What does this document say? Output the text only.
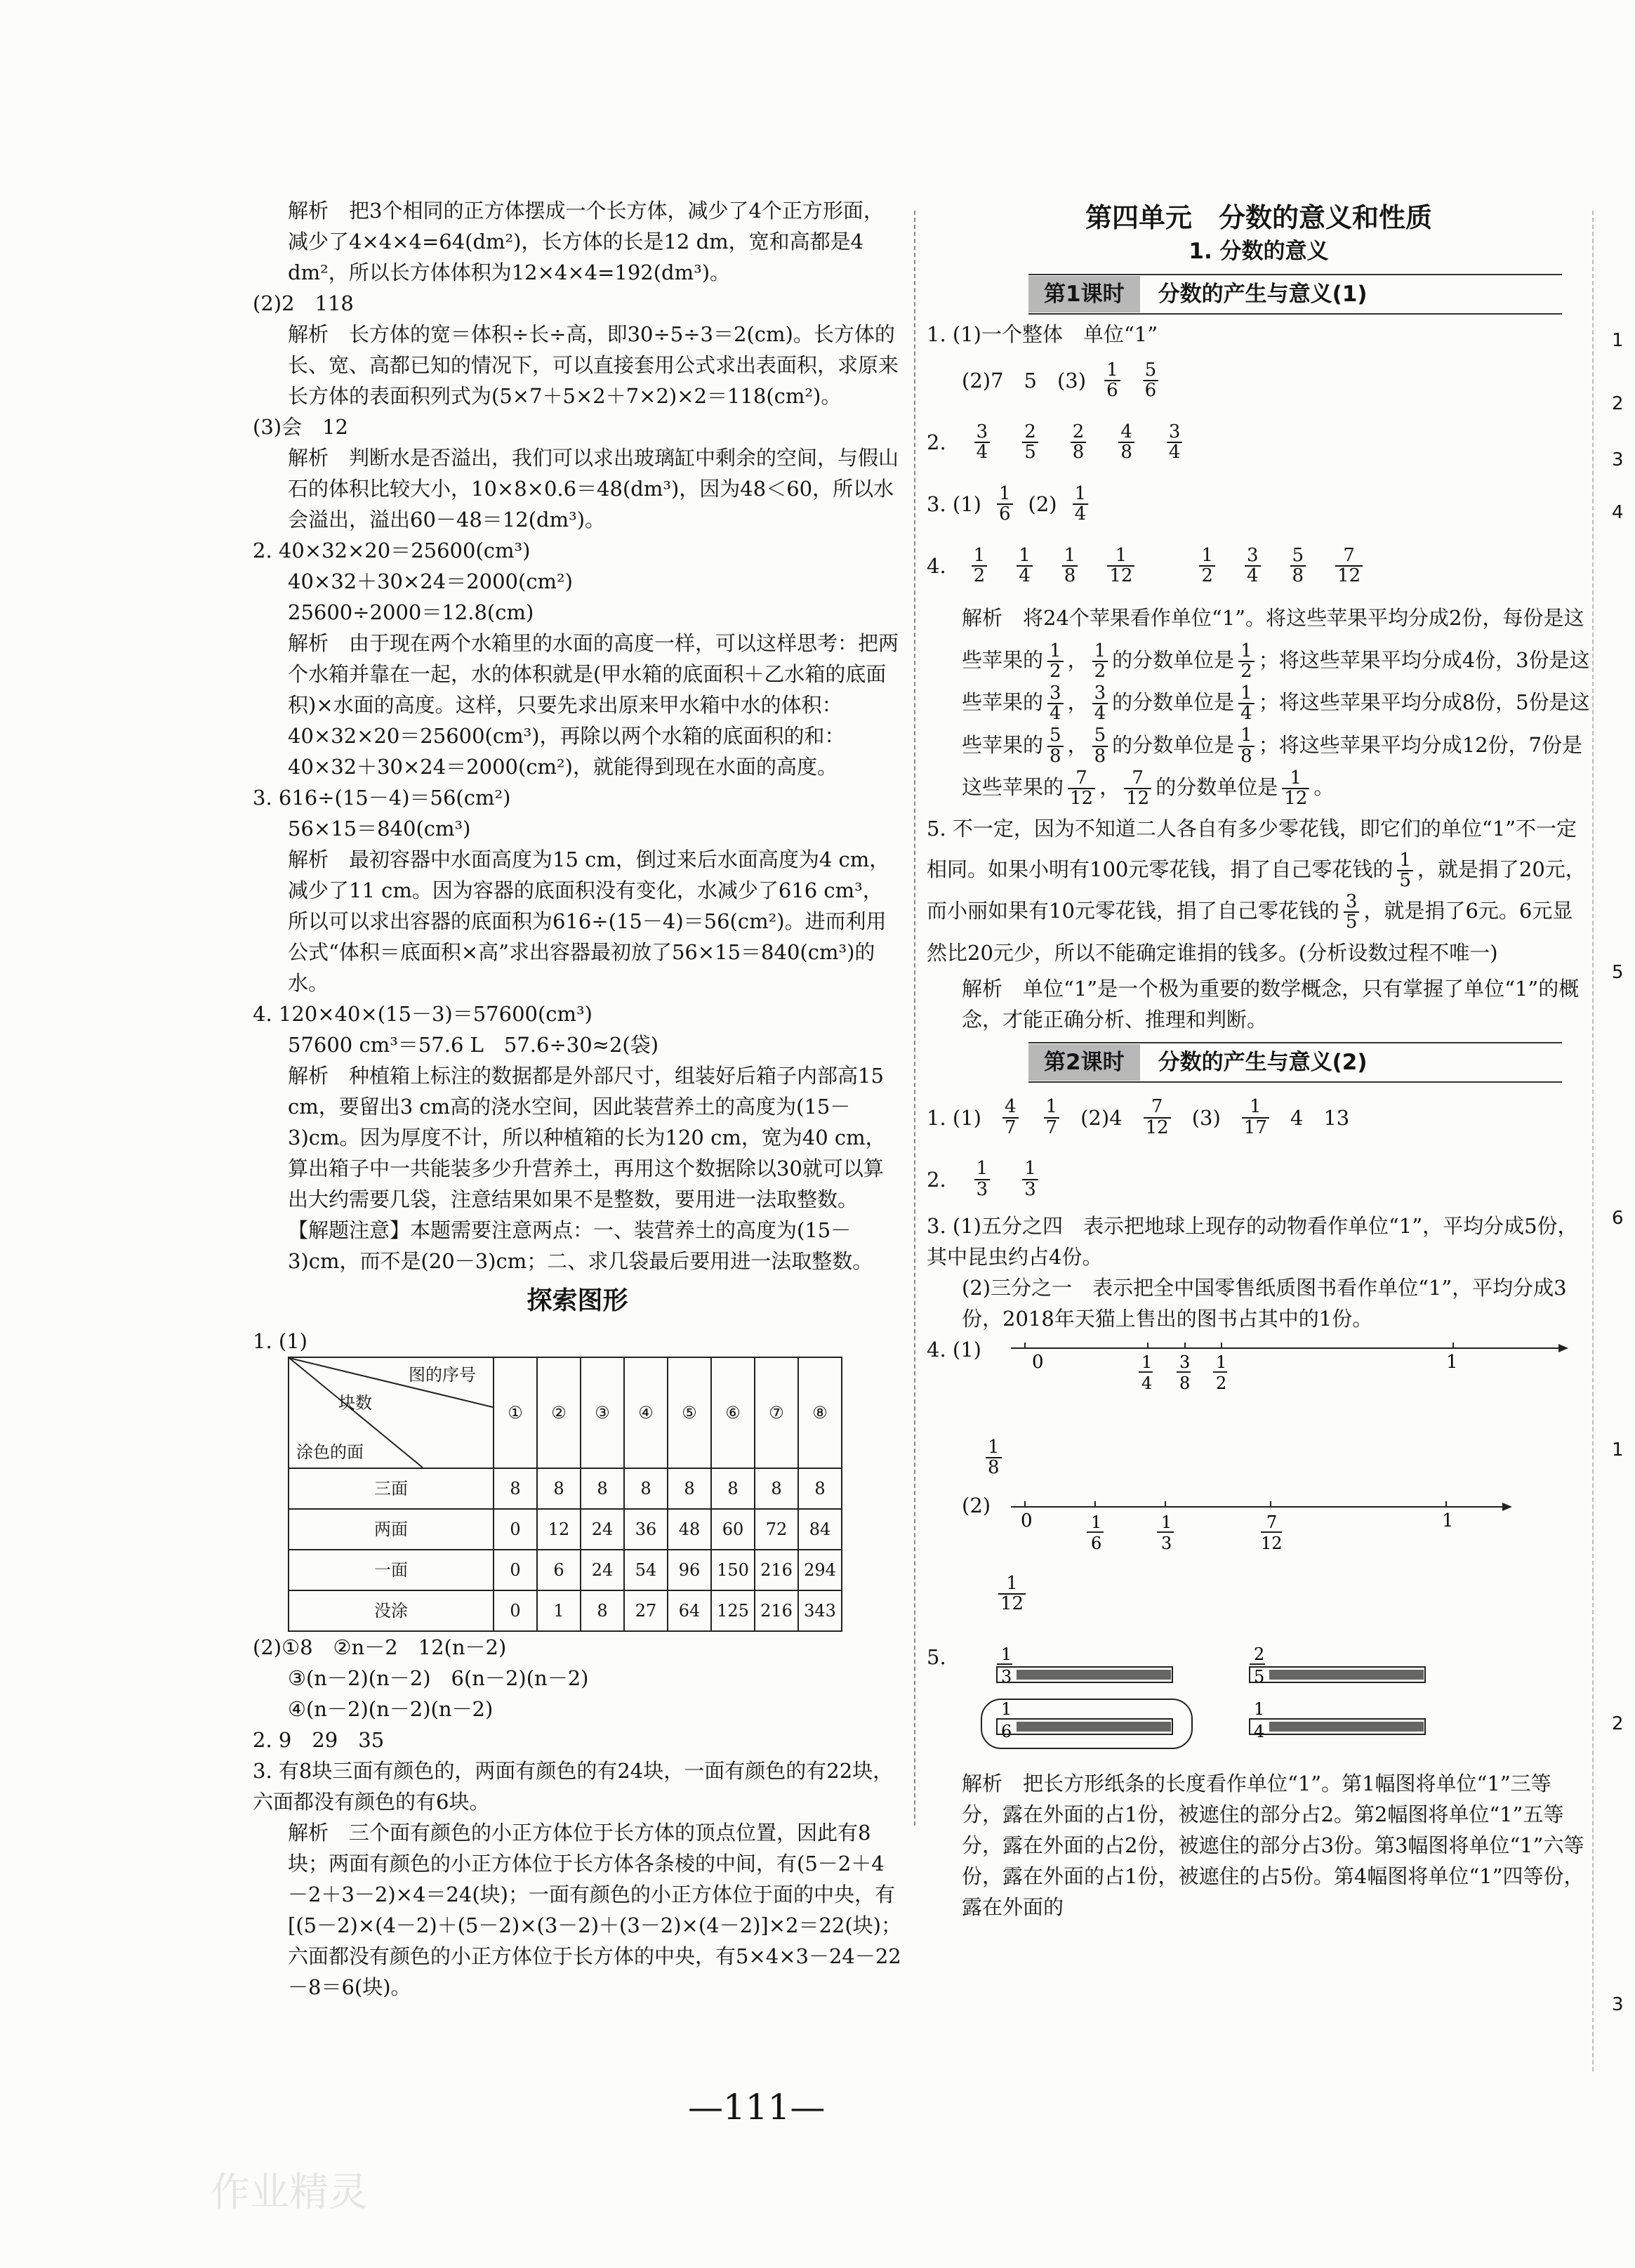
解析　把3个相同的正方体摆成一个长方体，减少了4个正方形面，减少了4×4×4=64(dm²)，长方体的长是12 dm，宽和高都是4 dm²，所以长方体体积为12×4×4=192(dm³)。

(2)2　118

解析　长方体的宽＝体积÷长÷高，即30÷5÷3＝2(cm)。长方体的长、宽、高都已知的情况下，可以直接套用公式求出表面积，求原来长方体的表面积列式为(5×7＋5×2＋7×2)×2＝118(cm²)。

(3)会　12

解析　判断水是否溢出，我们可以求出玻璃缸中剩余的空间，与假山石的体积比较大小，10×8×0.6＝48(dm³)，因为48＜60，所以水会溢出，溢出60－48＝12(dm³)。

2. 40×32×20＝25600(cm³)

40×32＋30×24＝2000(cm²)

25600÷2000＝12.8(cm)

解析　由于现在两个水箱里的水面的高度一样，可以这样思考：把两个水箱并靠在一起，水的体积就是(甲水箱的底面积＋乙水箱的底面积)×水面的高度。这样，只要先求出原来甲水箱中水的体积：40×32×20＝25600(cm³)，再除以两个水箱的底面积的和：40×32＋30×24＝2000(cm²)，就能得到现在水面的高度。

3. 616÷(15－4)＝56(cm²)

56×15＝840(cm³)

解析　最初容器中水面高度为15 cm，倒过来后水面高度为4 cm，减少了11 cm。因为容器的底面积没有变化，水减少了616 cm³，所以可以求出容器的底面积为616÷(15－4)＝56(cm²)。进而利用公式“体积＝底面积×高”求出容器最初放了56×15＝840(cm³)的水。

4. 120×40×(15－3)＝57600(cm³)

57600 cm³＝57.6 L　57.6÷30≈2(袋)

解析　种植箱上标注的数据都是外部尺寸，组装好后箱子内部高15 cm，要留出3 cm高的浇水空间，因此装营养土的高度为(15－3)cm。因为厚度不计，所以种植箱的长为120 cm，宽为40 cm，算出箱子中一共能装多少升营养土，再用这个数据除以30就可以算出大约需要几袋，注意结果如果不是整数，要用进一法取整数。

【解题注意】本题需要注意两点：一、装营养土的高度为(15－3)cm，而不是(20－3)cm；二、求几袋最后要用进一法取整数。

探索图形

1. (1)

图的序号
块数
涂色的面	①	②	③	④	⑤	⑥	⑦	⑧
三面	8	8	8	8	8	8	8	8
两面	0	12	24	36	48	60	72	84
一面	0	6	24	54	96	150	216	294
没涂	0	1	8	27	64	125	216	343

(2)①8　②n－2　12(n－2)

③(n－2)(n－2)　6(n－2)(n－2)

④(n－2)(n－2)(n－2)

2. 9　29　35

3. 有8块三面有颜色的，两面有颜色的有24块，一面有颜色的有22块，六面都没有颜色的有6块。

解析　三个面有颜色的小正方体位于长方体的顶点位置，因此有8块；两面有颜色的小正方体位于长方体各条棱的中间，有(5－2＋4－2＋3－2)×4＝24(块)；一面有颜色的小正方体位于面的中央，有[(5－2)×(4－2)＋(5－2)×(3－2)＋(3－2)×(4－2)]×2＝22(块)；六面都没有颜色的小正方体位于长方体的中央，有5×4×3－24－22－8＝6(块)。

第四单元　分数的意义和性质
1. 分数的意义
第1课时	分数的产生与意义(1)

1. (1)一个整体　单位“1”

(2)7　5　$(3) \frac{1}{6} \frac{5}{6}$
2. $\frac{3}{4} \frac{2}{5} \frac{2}{8} \frac{4}{8} \frac{3}{4}$
3. $(1) \frac{1}{6} (2) \frac{1}{4}$
4. $\frac{1}{2} \frac{1}{4} \frac{1}{8} \frac{1}{12}$	$\frac{1}{2} \frac{3}{4} \frac{5}{8} \frac{7}{12}$

解析　将24个苹果看作单位“1”。将这些苹果平均分成2份，每份是这些苹果的 $\frac{1}{2}$ ， $\frac{1}{2}$ 的分数单位是 $\frac{1}{2}$ ；将这些苹果平均分成4份，3份是这些苹果的 $\frac{3}{4}$ ， $\frac{3}{4}$ 的分数单位是 $\frac{1}{4}$ ；将这些苹果平均分成8份，5份是这些苹果的 $\frac{5}{8}$ ， $\frac{5}{8}$ 的分数单位是 $\frac{1}{8}$ ；将这些苹果平均分成12份，7份是这些苹果的 $\frac{7}{12}$ ， $\frac{7}{12}$ 的分数单位是 $\frac{1}{12}$ 。

5. 不一定，因为不知道二人各自有多少零花钱，即它们的单位“1”不一定相同。如果小明有100元零花钱，捐了自己零花钱的 $\frac{1}{5}$ ，就是捐了20元，而小丽如果有10元零花钱，捐了自己零花钱的 $\frac{3}{5}$ ，就是捐了6元。6元显然比20元少，所以不能确定谁捐的钱多。(分析设数过程不唯一)

解析　单位“1”是一个极为重要的数学概念，只有掌握了单位“1”的概念，才能正确分析、推理和判断。

第2课时	分数的产生与意义(2)
1. $(1) \frac{4}{7} \frac{1}{7} (2)4 \frac{7}{12} (3) \frac{1}{17} 4$　13
2. $\frac{1}{3} \frac{1}{3}$

3. (1)五分之四　表示把地球上现存的动物看作单位“1”，平均分成5份，其中昆虫约占4份。

(2)三分之一　表示把全中国零售纸质图书看作单位“1”，平均分成3份，2018年天猫上售出的图书占其中的1份。

4. (1)

0	1
1
4
3
8
1
2
$\frac{1}{8}$
(2)
0	1
1
6
1
3
7
12
$\frac{1}{12}$
5.	1
3
1
6
2
5
1
4

解析　把长方形纸条的长度看作单位“1”。第1幅图将单位“1”三等分，露在外面的占1份，被遮住的部分占2。第2幅图将单位“1”五等分，露在外面的占2份，被遮住的部分占3份。第3幅图将单位“1”六等份，露在外面的占1份，被遮住的占5份。第4幅图将单位“1”四等份，露在外面的

1
2
3
4
5
6
1
2
3
—111—
作业精灵
